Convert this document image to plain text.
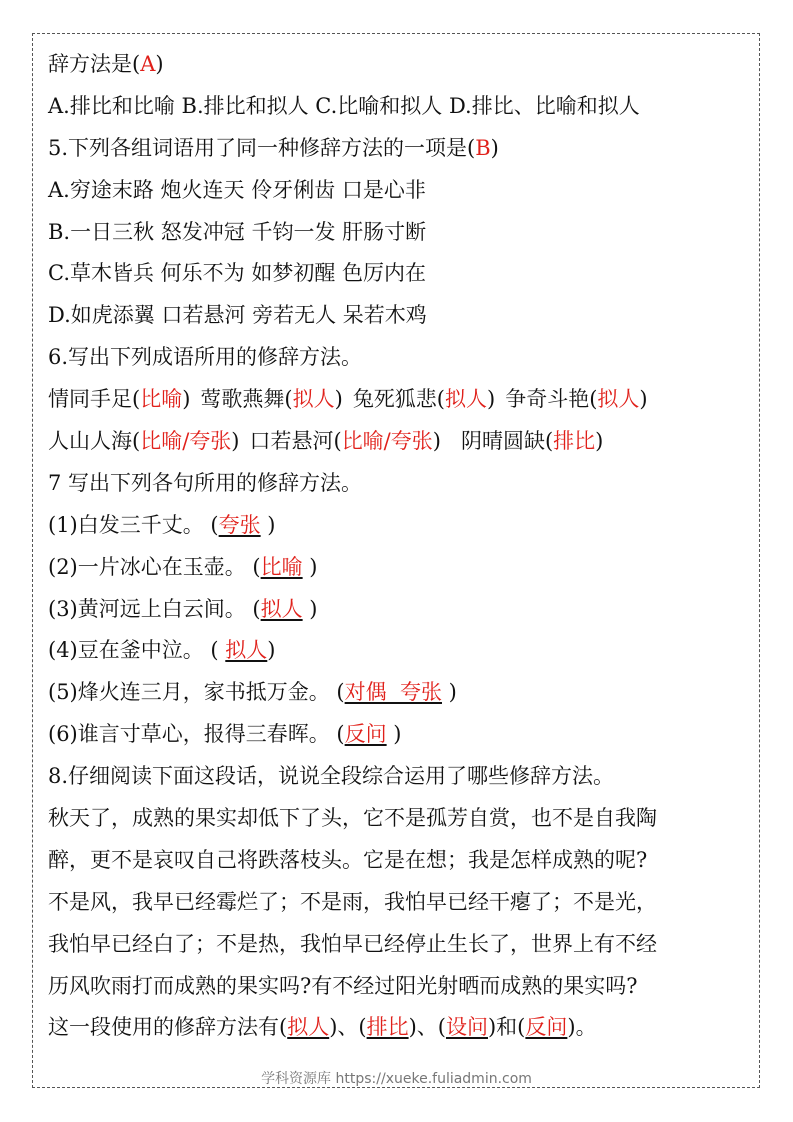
辞方法是(A)
A.排比和比喻 B.排比和拟人 C.比喻和拟人 D.排比、比喻和拟人
5.下列各组词语用了同一种修辞方法的一项是(B)
A.穷途末路 炮火连天 伶牙俐齿 口是心非
B.一日三秋 怒发冲冠 千钧一发 肝肠寸断
C.草木皆兵 何乐不为 如梦初醒 色厉内在
D.如虎添翼 口若悬河 旁若无人 呆若木鸡
6.写出下列成语所用的修辞方法。
情同手足(比喻) 莺歌燕舞(拟人) 兔死狐悲(拟人) 争奇斗艳(拟人)
人山人海(比喻/夸张) 口若悬河(比喻/夸张) 阴晴圆缺(排比)
7 写出下列各句所用的修辞方法。
(1)白发三千丈。 (夸张 )
(2)一片冰心在玉壶。 (比喻 )
(3)黄河远上白云间。 (拟人 )
(4)豆在釜中泣。 ( 拟人)
(5)烽火连三月，家书抵万金。 (对偶  夸张 )
(6)谁言寸草心，报得三春晖。 (反问 )
8.仔细阅读下面这段话，说说全段综合运用了哪些修辞方法。
秋天了，成熟的果实却低下了头，它不是孤芳自赏，也不是自我陶
醉，更不是哀叹自己将跌落枝头。它是在想；我是怎样成熟的呢?
不是风，我早已经霉烂了；不是雨，我怕早已经干瘪了；不是光，
我怕早已经白了；不是热，我怕早已经停止生长了，世界上有不经
历风吹雨打而成熟的果实吗?有不经过阳光射晒而成熟的果实吗?
这一段使用的修辞方法有(拟人)、(排比)、(设问)和(反问)。
学科资源库 https://xueke.fuliadmin.com
